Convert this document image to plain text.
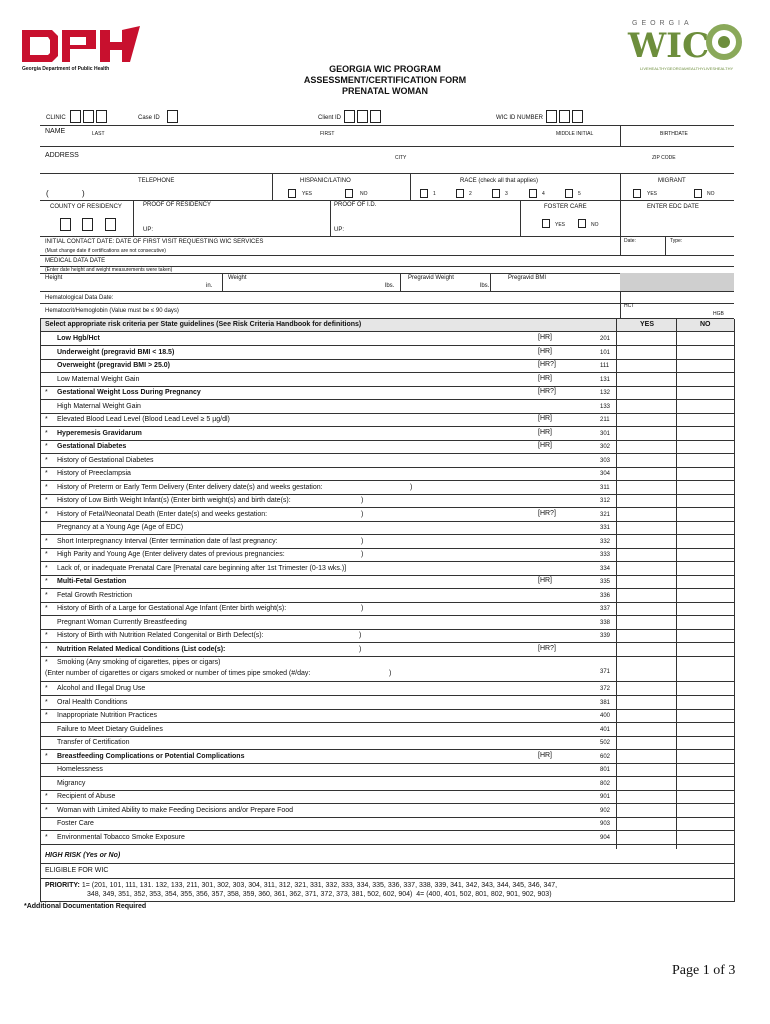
Georgia Department of Public Health
GEORGIA
WIC
LIVEHEALTHYGEORGIAHEALTHYLIVESHEALTHY
GEORGIA WIC PROGRAM
ASSESSMENT/CERTIFICATION FORM
PRENATAL WOMAN
CLINIC	Case ID	Client ID	WIC ID NUMBER
NAME	LAST	FIRST	MIDDLE INITIAL	BIRTHDATE
ADDRESS	CITY	ZIP CODE
TELEPHONE
(	)
HISPANIC/LATINO
YES	NO
RACE (check all that applies)
1	2	3	4	5
MIGRANT
YES	NO
COUNTY OF RESIDENCY	PROOF OF RESIDENCY
UP:
PROOF OF I.D.
UP:
FOSTER CARE
YES	NO
ENTER EDC DATE
INITIAL CONTACT DATE: DATE OF FIRST VISIT REQUESTING WIC SERVICES
(Must change date if certifications are not consecutive)
Date:	Type:
MEDICAL DATA DATE
(Enter date height and weight measurements were taken)
Height
in.
Weight
lbs.
Pregravid Weight
lbs.
Pregravid BMI
Hematological Data Date:
Hematocrit/Hemoglobin (Value must be ≤ 90 days)
HCT
HGB
Select appropriate risk criteria per State guidelines (See Risk Criteria Handbook for definitions)	YES	NO
Low Hgb/Hct	[HR]	201
Underweight (pregravid BMI < 18.5)	[HR]	101
Overweight (pregravid BMI > 25.0)	[HR?]	111
Low Maternal Weight Gain	[HR]	131
* Gestational Weight Loss During Pregnancy	[HR?]	132
High Maternal Weight Gain	133
* Elevated Blood Lead Level (Blood Lead Level ≥ 5 µg/dl)	[HR]	211
* Hyperemesis Gravidarum	[HR]	301
* Gestational Diabetes	[HR]	302
* History of Gestational Diabetes	303
* History of Preeclampsia	304
* History of Preterm or Early Term Delivery (Enter delivery date(s) and weeks gestation:	311
)
* History of Low Birth Weight Infant(s) (Enter birth weight(s) and birth date(s):	312
)
* History of Fetal/Neonatal Death (Enter date(s) and weeks gestation:	[HR?]	321
)
Pregnancy at a Young Age (Age of EDC)	331
* Short Interpregnancy Interval (Enter termination date of last pregnancy:	332
)
* High Parity and Young Age (Enter delivery dates of previous pregnancies:	333
)
* Lack of, or inadequate Prenatal Care [Prenatal care beginning after 1st Trimester (0-13 wks.)]	334
* Multi-Fetal Gestation	[HR]	335
* Fetal Growth Restriction	336
* History of Birth of a Large for Gestational Age Infant (Enter birth weight(s):	337
)
Pregnant Woman Currently Breastfeeding	338
* History of Birth with Nutrition Related Congenital or Birth Defect(s):	339
)
* Nutrition Related Medical Conditions (List code(s):	[HR?]
)
* Smoking (Any smoking of cigarettes, pipes or cigars)
(Enter number of cigarettes or cigars smoked or number of times pipe smoked (#/day:	)	371
* Alcohol and Illegal Drug Use	372
* Oral Health Conditions	381
* Inappropriate Nutrition Practices	400
Failure to Meet Dietary Guidelines	401
Transfer of Certification	502
* Breastfeeding Complications or Potential Complications	[HR]	602
Homelessness	801
Migrancy	802
* Recipient of Abuse	901
* Woman with Limited Ability to make Feeding Decisions and/or Prepare Food	902
Foster Care	903
* Environmental Tobacco Smoke Exposure	904
HIGH RISK (Yes or No)
ELIGIBLE FOR WIC
PRIORITY: 1= (201, 101, 111, 131. 132, 133, 211, 301, 302, 303, 304, 311, 312, 321, 331, 332, 333, 334, 335, 336, 337, 338, 339, 341, 342, 343, 344, 345, 346, 347,
348, 349, 351, 352, 353, 354, 355, 356, 357, 358, 359, 360, 361, 362, 371, 372, 373, 381, 502, 602, 904) 4= (400, 401, 502, 801, 802, 901, 902, 903)
*Additional Documentation Required
Page 1 of 3
